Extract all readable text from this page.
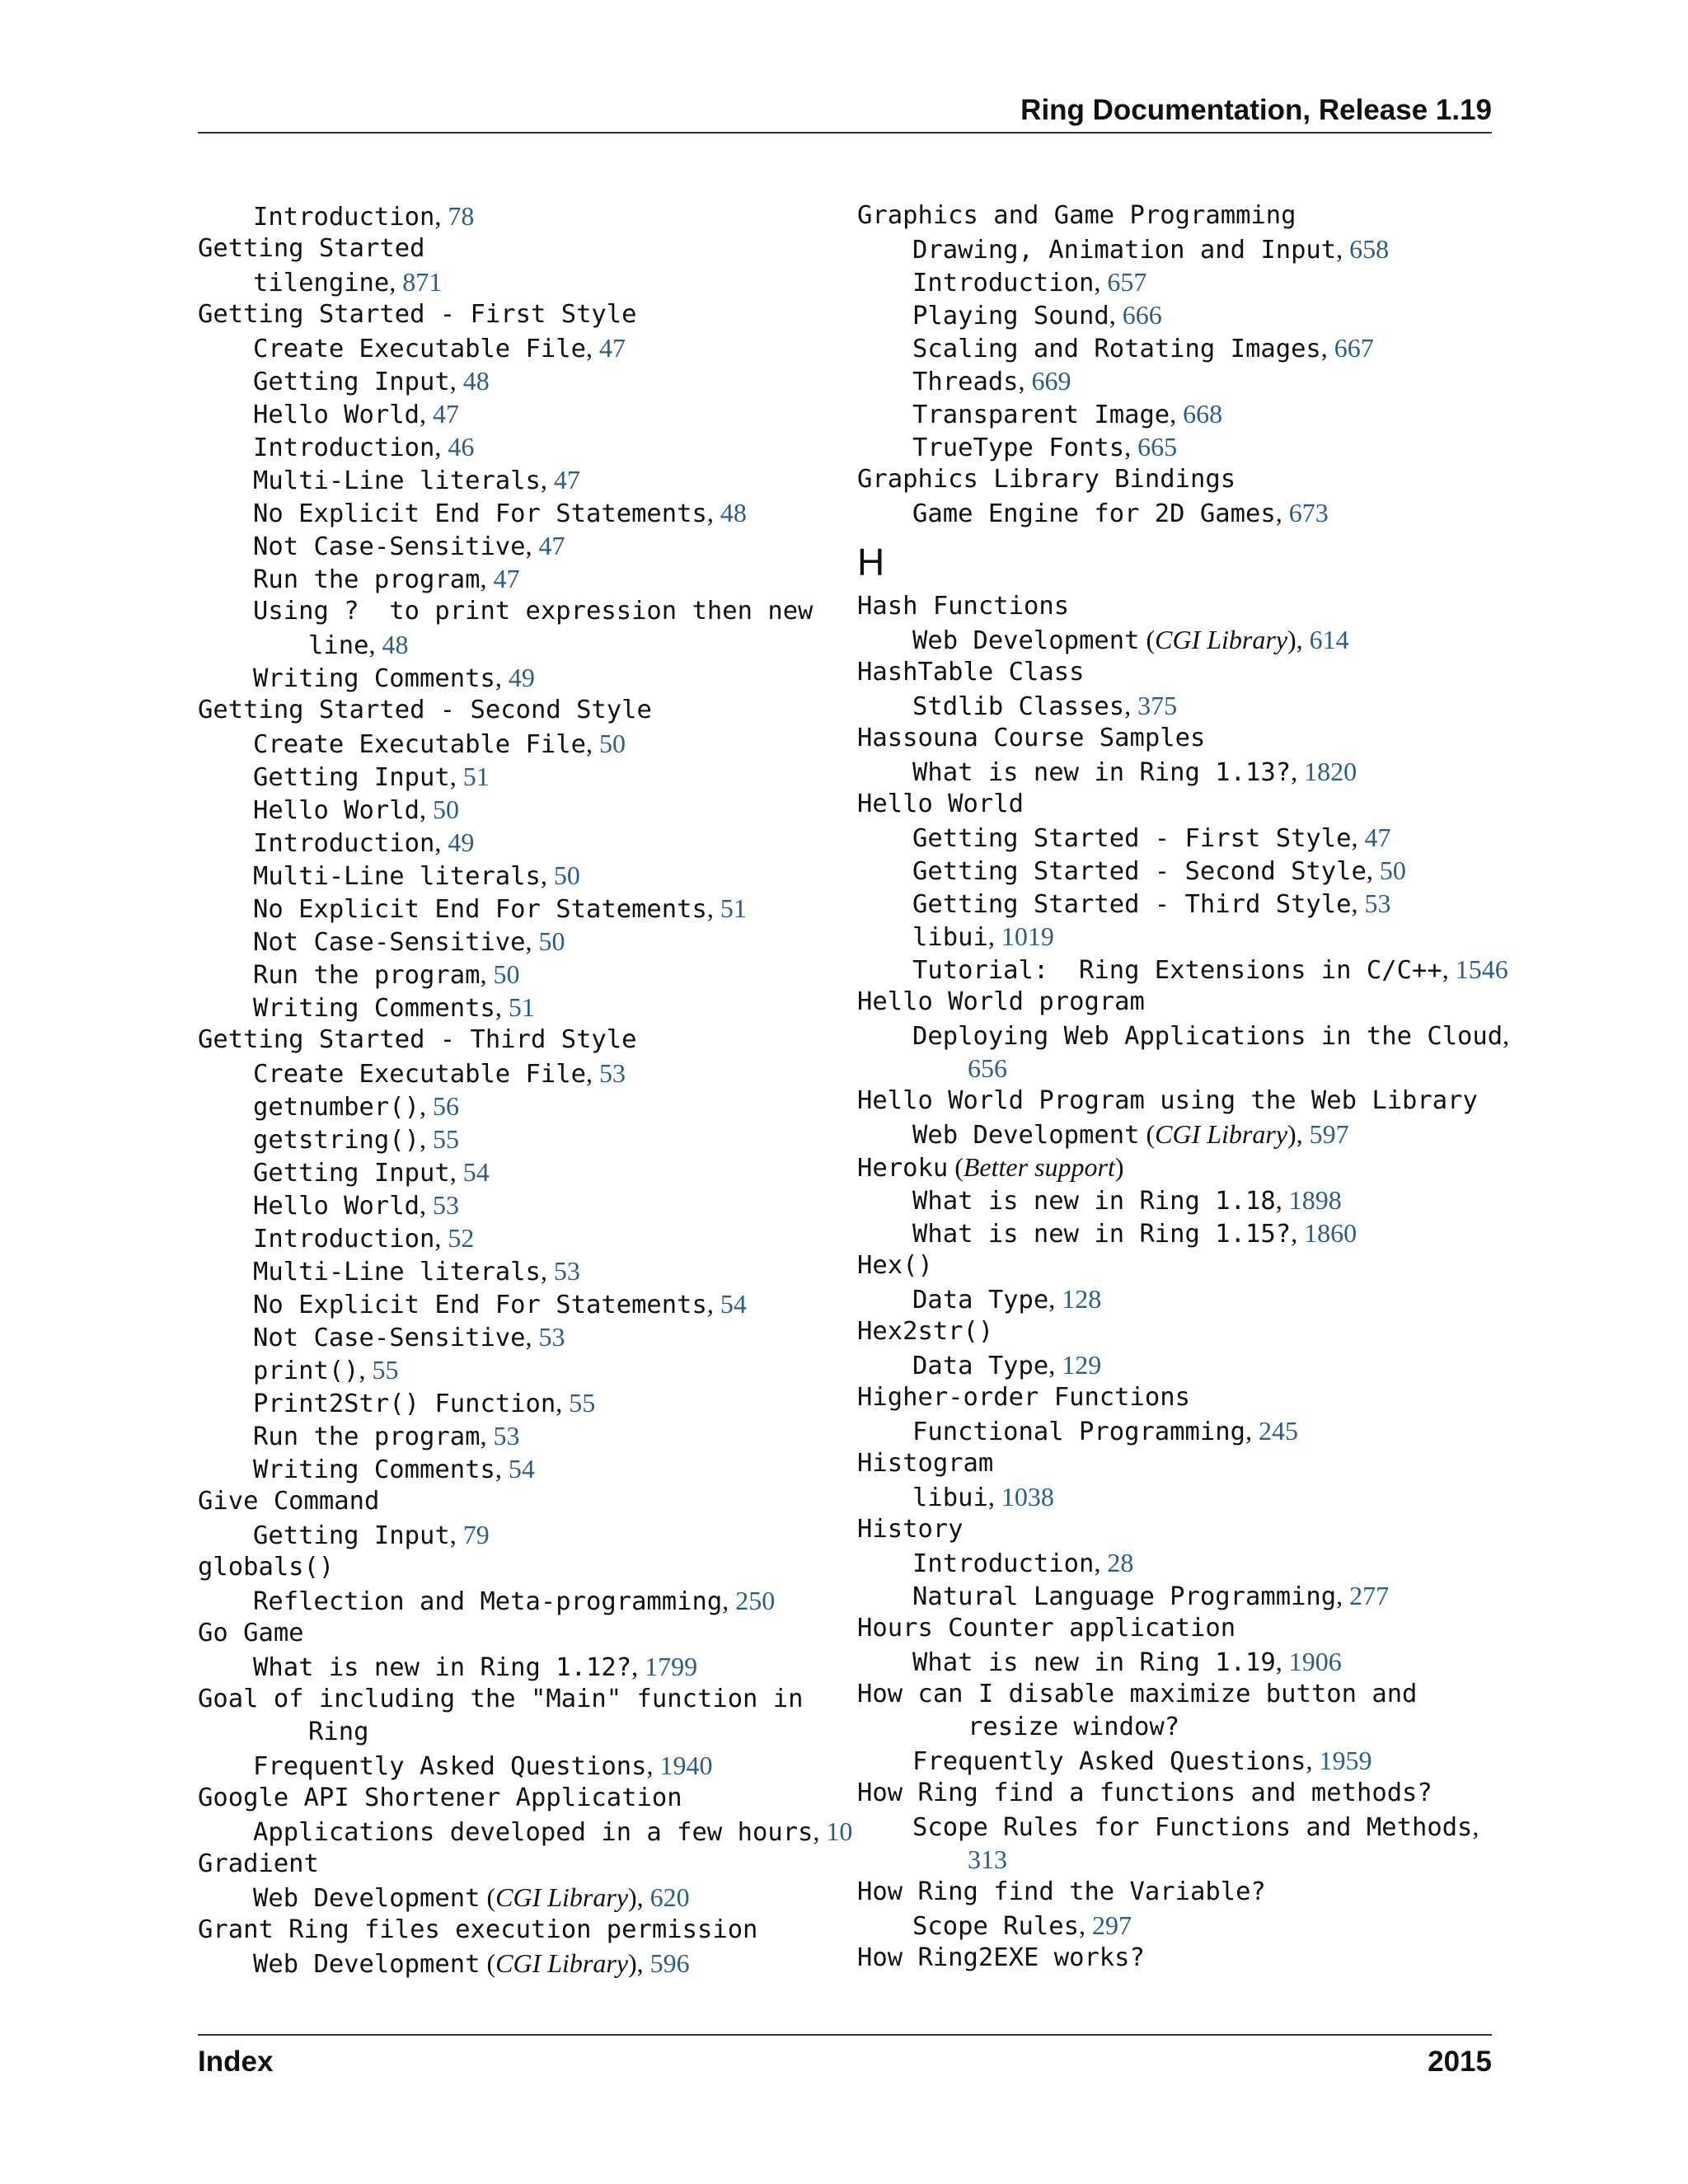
Ring Documentation, Release 1.19
Introduction, 78
Getting Started
tilengine, 871
Getting Started - First Style
Create Executable File, 47
Getting Input, 48
Hello World, 47
Introduction, 46
Multi-Line literals, 47
No Explicit End For Statements, 48
Not Case-Sensitive, 47
Run the program, 47
Using ?  to print expression then new
line, 48
Writing Comments, 49
Getting Started - Second Style
Create Executable File, 50
Getting Input, 51
Hello World, 50
Introduction, 49
Multi-Line literals, 50
No Explicit End For Statements, 51
Not Case-Sensitive, 50
Run the program, 50
Writing Comments, 51
Getting Started - Third Style
Create Executable File, 53
getnumber(), 56
getstring(), 55
Getting Input, 54
Hello World, 53
Introduction, 52
Multi-Line literals, 53
No Explicit End For Statements, 54
Not Case-Sensitive, 53
print(), 55
Print2Str() Function, 55
Run the program, 53
Writing Comments, 54
Give Command
Getting Input, 79
globals()
Reflection and Meta-programming, 250
Go Game
What is new in Ring 1.12?, 1799
Goal of including the "Main" function in
Ring
Frequently Asked Questions, 1940
Google API Shortener Application
Applications developed in a few hours, 10
Gradient
Web Development (CGI Library), 620
Grant Ring files execution permission
Web Development (CGI Library), 596
Graphics and Game Programming
Drawing, Animation and Input, 658
Introduction, 657
Playing Sound, 666
Scaling and Rotating Images, 667
Threads, 669
Transparent Image, 668
TrueType Fonts, 665
Graphics Library Bindings
Game Engine for 2D Games, 673
H
Hash Functions
Web Development (CGI Library), 614
HashTable Class
Stdlib Classes, 375
Hassouna Course Samples
What is new in Ring 1.13?, 1820
Hello World
Getting Started - First Style, 47
Getting Started - Second Style, 50
Getting Started - Third Style, 53
libui, 1019
Tutorial:  Ring Extensions in C/C++, 1546
Hello World program
Deploying Web Applications in the Cloud,
656
Hello World Program using the Web Library
Web Development (CGI Library), 597
Heroku (Better support)
What is new in Ring 1.18, 1898
What is new in Ring 1.15?, 1860
Hex()
Data Type, 128
Hex2str()
Data Type, 129
Higher-order Functions
Functional Programming, 245
Histogram
libui, 1038
History
Introduction, 28
Natural Language Programming, 277
Hours Counter application
What is new in Ring 1.19, 1906
How can I disable maximize button and
resize window?
Frequently Asked Questions, 1959
How Ring find a functions and methods?
Scope Rules for Functions and Methods,
313
How Ring find the Variable?
Scope Rules, 297
How Ring2EXE works?
Index	2015
